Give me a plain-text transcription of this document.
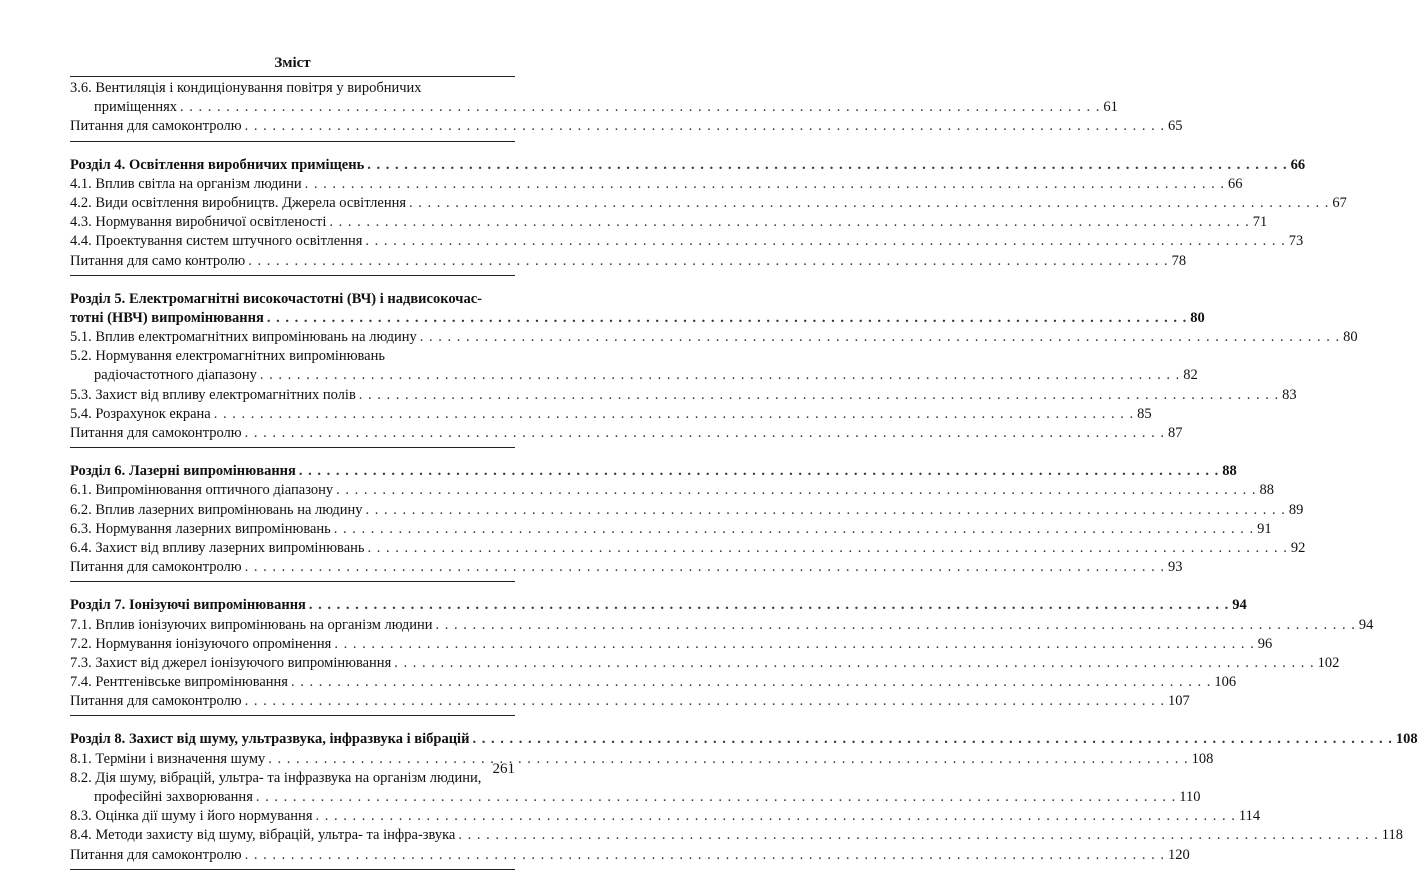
Зміст
3.6. Вентиляція і кондиціонування повітря у виробничих
приміщеннях . . .	61
Питання для самоконтролю . . .	65
Розділ 4. Освітлення виробничих приміщень . . .	66
4.1. Вплив світла на організм людини . . .	66
4.2. Види освітлення виробництв. Джерела освітлення . . .	67
4.3. Нормування виробничої освітленості . . .	71
4.4. Проектування систем штучного освітлення . . .	73
Питання для само контролю . . .	78
Розділ 5. Електромагнітні високочастотні (ВЧ) і надвисокочас-
тотні (НВЧ) випромінювання . . .	80
5.1. Вплив електромагнітних випромінювань на людину . . .	80
5.2. Нормування електромагнітних випромінювань
радіочастотного діапазону . . .	82
5.3. Захист від впливу електромагнітних полів . . .	83
5.4. Розрахунок екрана . . .	85
Питання для самоконтролю . . .	87
Розділ 6. Лазерні випромінювання . . .	88
6.1. Випромінювання оптичного діапазону . . .	88
6.2. Вплив лазерних випромінювань на людину . . .	89
6.3. Нормування лазерних випромінювань . . .	91
6.4. Захист від впливу лазерних випромінювань . . .	92
Питання для самоконтролю . . .	93
Розділ 7. Іонізуючі випромінювання . . .	94
7.1. Вплив іонізуючих випромінювань на організм людини . . .	94
7.2. Нормування іонізуючого опромінення . . .	96
7.3. Захист від джерел іонізуючого випромінювання . . .	102
7.4. Рентгенівське випромінювання . . .	106
Питання для самоконтролю . . .	107
Розділ 8. Захист від шуму, ультразвука, інфразвука і вібрацій . . .	108
8.1. Терміни і визначення шуму . . .	108
8.2. Дія шуму, вібрацій, ультра- та інфразвука на організм людини,
професійні захворювання . . .	110
8.3. Оцінка дії шуму і його нормування . . .	114
8.4. Методи захисту від шуму, вібрацій, ультра- та інфра-звука . . .	118
Питання для самоконтролю . . .	120
261
